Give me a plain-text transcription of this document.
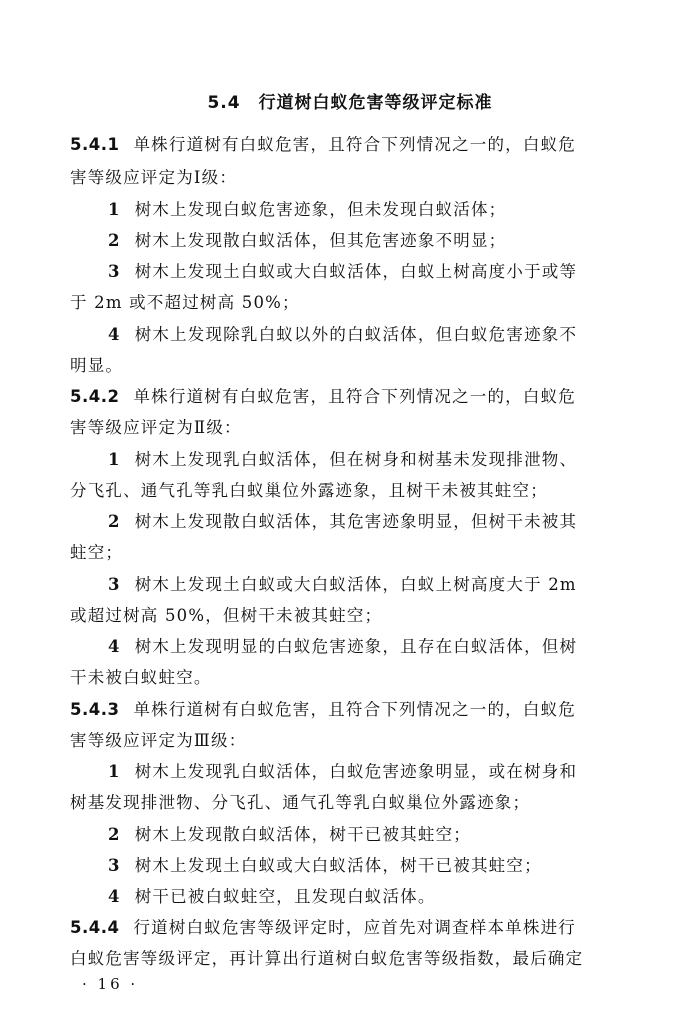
5.4 行道树白蚁危害等级评定标准
5.4.1 单株行道树有白蚁危害，且符合下列情况之一的，白蚁危
害等级应评定为Ⅰ级：
1 树木上发现白蚁危害迹象，但未发现白蚁活体；
2 树木上发现散白蚁活体，但其危害迹象不明显；
3 树木上发现土白蚁或大白蚁活体，白蚁上树高度小于或等
于 2m 或不超过树高 50%；
4 树木上发现除乳白蚁以外的白蚁活体，但白蚁危害迹象不
明显。
5.4.2 单株行道树有白蚁危害，且符合下列情况之一的，白蚁危
害等级应评定为Ⅱ级：
1 树木上发现乳白蚁活体，但在树身和树基未发现排泄物、
分飞孔、通气孔等乳白蚁巢位外露迹象，且树干未被其蛀空；
2 树木上发现散白蚁活体，其危害迹象明显，但树干未被其
蛀空；
3 树木上发现土白蚁或大白蚁活体，白蚁上树高度大于 2m
或超过树高 50%，但树干未被其蛀空；
4 树木上发现明显的白蚁危害迹象，且存在白蚁活体，但树
干未被白蚁蛀空。
5.4.3 单株行道树有白蚁危害，且符合下列情况之一的，白蚁危
害等级应评定为Ⅲ级：
1 树木上发现乳白蚁活体，白蚁危害迹象明显，或在树身和
树基发现排泄物、分飞孔、通气孔等乳白蚁巢位外露迹象；
2 树木上发现散白蚁活体，树干已被其蛀空；
3 树木上发现土白蚁或大白蚁活体，树干已被其蛀空；
4 树干已被白蚁蛀空，且发现白蚁活体。
5.4.4 行道树白蚁危害等级评定时，应首先对调查样本单株进行
白蚁危害等级评定，再计算出行道树白蚁危害等级指数，最后确定
· 16 ·
